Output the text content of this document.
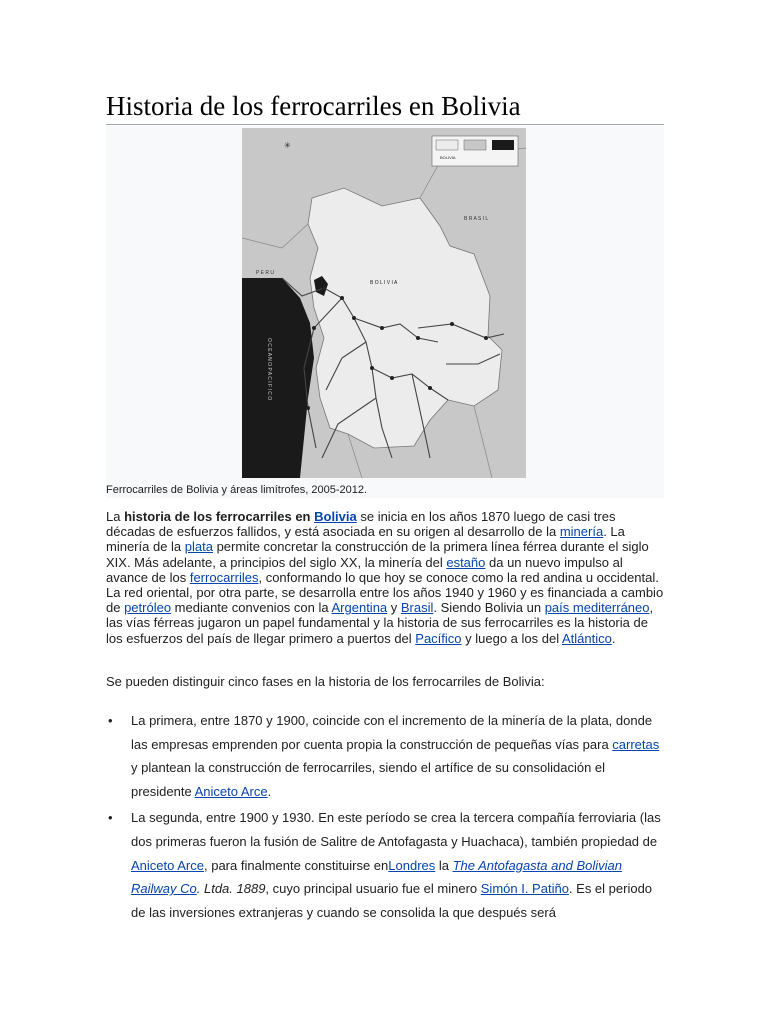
Historia de los ferrocarriles en Bolivia
BOLIVIA
✳
B O L I V I A
B R A S I L
P E R U
O C E A N O P A C I F I C O
Ferrocarriles de Bolivia y áreas limítrofes, 2005-2012.

La historia de los ferrocarriles en Bolivia se inicia en los años 1870 luego de casi tres décadas de esfuerzos fallidos, y está asociada en su origen al desarrollo de la minería. La minería de la plata permite concretar la construcción de la primera línea férrea durante el siglo XIX. Más adelante, a principios del siglo XX, la minería del estaño da un nuevo impulso al avance de los ferrocarriles, conformando lo que hoy se conoce como la red andina u occidental. La red oriental, por otra parte, se desarrolla entre los años 1940 y 1960 y es financiada a cambio de petróleo mediante convenios con la Argentina y Brasil. Siendo Bolivia un país mediterráneo, las vías férreas jugaron un papel fundamental y la historia de sus ferrocarriles es la historia de los esfuerzos del país de llegar primero a puertos del Pacífico y luego a los del Atlántico.

Se pueden distinguir cinco fases en la historia de los ferrocarriles de Bolivia:

• La primera, entre 1870 y 1900, coincide con el incremento de la minería de la plata, donde las empresas emprenden por cuenta propia la construcción de pequeñas vías para carretas y plantean la construcción de ferrocarriles, siendo el artífice de su consolidación el presidente Aniceto Arce.
• La segunda, entre 1900 y 1930. En este período se crea la tercera compañía ferroviaria (las dos primeras fueron la fusión de Salitre de Antofagasta y Huachaca), también propiedad de Aniceto Arce, para finalmente constituirse enLondres la The Antofagasta and Bolivian Railway Co. Ltda. 1889, cuyo principal usuario fue el minero Simón I. Patiño. Es el periodo de las inversiones extranjeras y cuando se consolida la que después será
